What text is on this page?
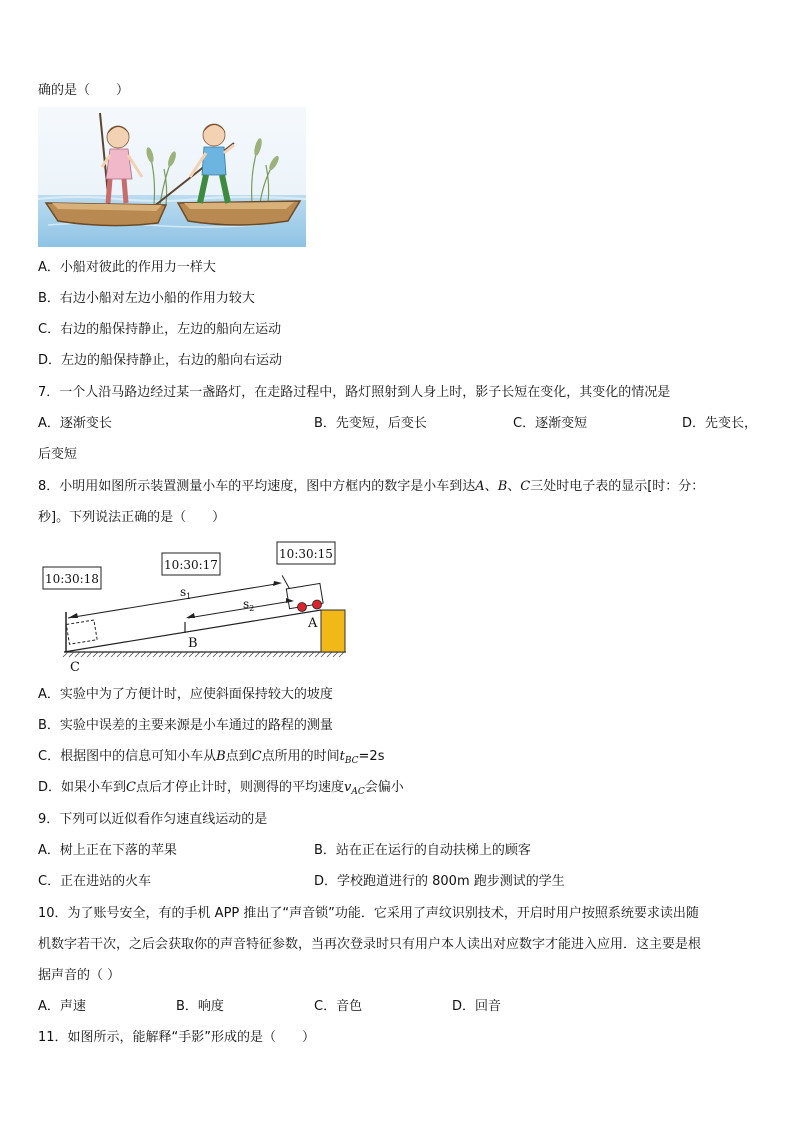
确的是（　　）
A．小船对彼此的作用力一样大
B．右边小船对左边小船的作用力较大
C．右边的船保持静止，左边的船向左运动
D．左边的船保持静止，右边的船向右运动
7．一个人沿马路边经过某一盏路灯，在走路过程中，路灯照射到人身上时，影子长短在变化，其变化的情况是
A．逐渐变长	B．先变短，后变长	C．逐渐变短	D．先变长，
后变短
8．小明用如图所示装置测量小车的平均速度，图中方框内的数字是小车到达A、B、C三处时电子表的显示[时：分：
秒]。下列说法正确的是（　　）
10:30:18
10:30:17
10:30:15
$s_1$
$s_2$
A
B
C
A．实验中为了方便计时，应使斜面保持较大的坡度
B．实验中误差的主要来源是小车通过的路程的测量
C．根据图中的信息可知小车从B点到C点所用的时间$t_{BC}=2s$
D．如果小车到C点后才停止计时，则测得的平均速度$v_{AC}$会偏小
9．下列可以近似看作匀速直线运动的是
A．树上正在下落的苹果	B．站在正在运行的自动扶梯上的顾客
C．正在进站的火车	D．学校跑道进行的 800m 跑步测试的学生
10．为了账号安全，有的手机 APP 推出了“声音锁”功能．它采用了声纹识别技术，开启时用户按照系统要求读出随
机数字若干次，之后会获取你的声音特征参数，当再次登录时只有用户本人读出对应数字才能进入应用．这主要是根
据声音的（ ）
A．声速	B．响度	C．音色	D．回音
11．如图所示，能解释“手影”形成的是（　　）
